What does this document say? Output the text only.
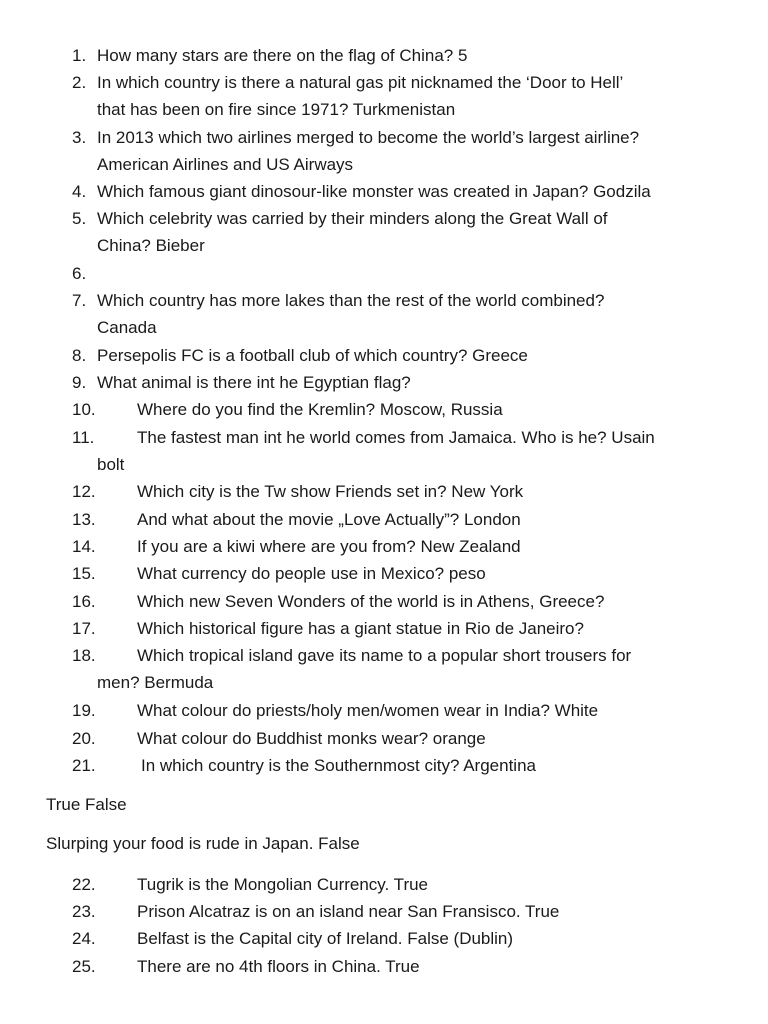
1. How many stars are there on the flag of China? 5
2. In which country is there a natural gas pit nicknamed the ‘Door to Hell’
that has been on fire since 1971? Turkmenistan
3. In 2013 which two airlines merged to become the world’s largest airline?
American Airlines and US Airways
4. Which famous giant dinosour-like monster was created in Japan? Godzila
5. Which celebrity was carried by their minders along the Great Wall of
China? Bieber
6.
7. Which country has more lakes than the rest of the world combined?
Canada
8. Persepolis FC is a football club of which country? Greece
9. What animal is there int he Egyptian flag?
10. Where do you find the Kremlin? Moscow, Russia
11.	The fastest man int he world comes from Jamaica. Who is he? Usain
bolt
12. Which city is the Tw show Friends set in? New York
13. And what about the movie „Love Actually”? London
14. If you are a kiwi where are you from? New Zealand
15. What currency do people use in Mexico? peso
16. Which new Seven Wonders of the world is in Athens, Greece?
17. Which historical figure has a giant statue in Rio de Janeiro?
18. Which tropical island gave its name to a popular short trousers for
men? Bermuda
19. What colour do priests/holy men/women wear in India? White
20. What colour do Buddhist monks wear? orange
21.	In which country is the Southernmost city? Argentina
True False
Slurping your food is rude in Japan. False
22. Tugrik is the Mongolian Currency. True
23. Prison Alcatraz is on an island near San Fransisco. True
24. Belfast is the Capital city of Ireland. False (Dublin)
25. There are no 4th floors in China. True
